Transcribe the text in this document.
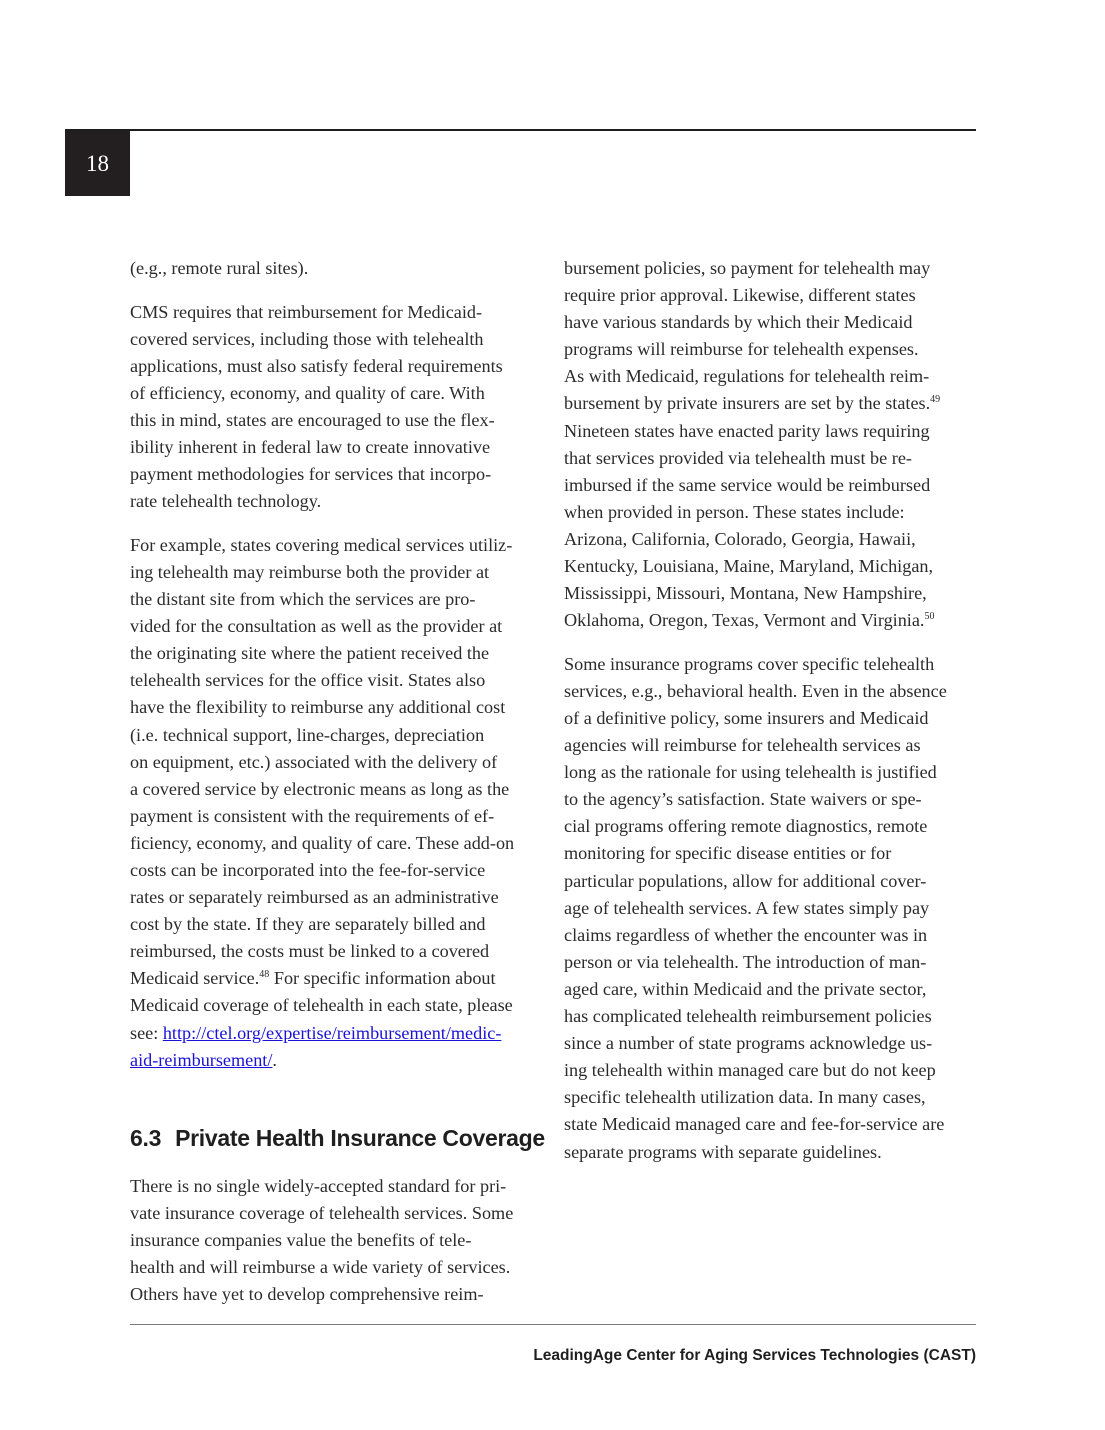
18
(e.g., remote rural sites).
CMS requires that reimbursement for Medicaid-
covered services, including those with telehealth
applications, must also satisfy federal requirements
of efficiency, economy, and quality of care. With
this in mind, states are encouraged to use the flex-
ibility inherent in federal law to create innovative
payment methodologies for services that incorpo-
rate telehealth technology.
For example, states covering medical services utiliz-
ing telehealth may reimburse both the provider at
the distant site from which the services are pro-
vided for the consultation as well as the provider at
the originating site where the patient received the
telehealth services for the office visit. States also
have the flexibility to reimburse any additional cost
(i.e. technical support, line-charges, depreciation
on equipment, etc.) associated with the delivery of
a covered service by electronic means as long as the
payment is consistent with the requirements of ef-
ficiency, economy, and quality of care. These add-on
costs can be incorporated into the fee-for-service
rates or separately reimbursed as an administrative
cost by the state. If they are separately billed and
reimbursed, the costs must be linked to a covered
Medicaid service.$^{48}$ For specific information about
Medicaid coverage of telehealth in each state, please
see: http://ctel.org/expertise/reimbursement/medic-
aid-reimbursement/.
6.3 Private Health Insurance Coverage
There is no single widely-accepted standard for pri-
vate insurance coverage of telehealth services. Some
insurance companies value the benefits of tele-
health and will reimburse a wide variety of services.
Others have yet to develop comprehensive reim-
bursement policies, so payment for telehealth may
require prior approval. Likewise, different states
have various standards by which their Medicaid
programs will reimburse for telehealth expenses.
As with Medicaid, regulations for telehealth reim-
bursement by private insurers are set by the states.$^{49}$
Nineteen states have enacted parity laws requiring
that services provided via telehealth must be re-
imbursed if the same service would be reimbursed
when provided in person. These states include:
Arizona, California, Colorado, Georgia, Hawaii,
Kentucky, Louisiana, Maine, Maryland, Michigan,
Mississippi, Missouri, Montana, New Hampshire,
Oklahoma, Oregon, Texas, Vermont and Virginia.$^{50}$
Some insurance programs cover specific telehealth
services, e.g., behavioral health. Even in the absence
of a definitive policy, some insurers and Medicaid
agencies will reimburse for telehealth services as
long as the rationale for using telehealth is justified
to the agency’s satisfaction. State waivers or spe-
cial programs offering remote diagnostics, remote
monitoring for specific disease entities or for
particular populations, allow for additional cover-
age of telehealth services. A few states simply pay
claims regardless of whether the encounter was in
person or via telehealth. The introduction of man-
aged care, within Medicaid and the private sector,
has complicated telehealth reimbursement policies
since a number of state programs acknowledge us-
ing telehealth within managed care but do not keep
specific telehealth utilization data. In many cases,
state Medicaid managed care and fee-for-service are
separate programs with separate guidelines.
LeadingAge Center for Aging Services Technologies (CAST)
